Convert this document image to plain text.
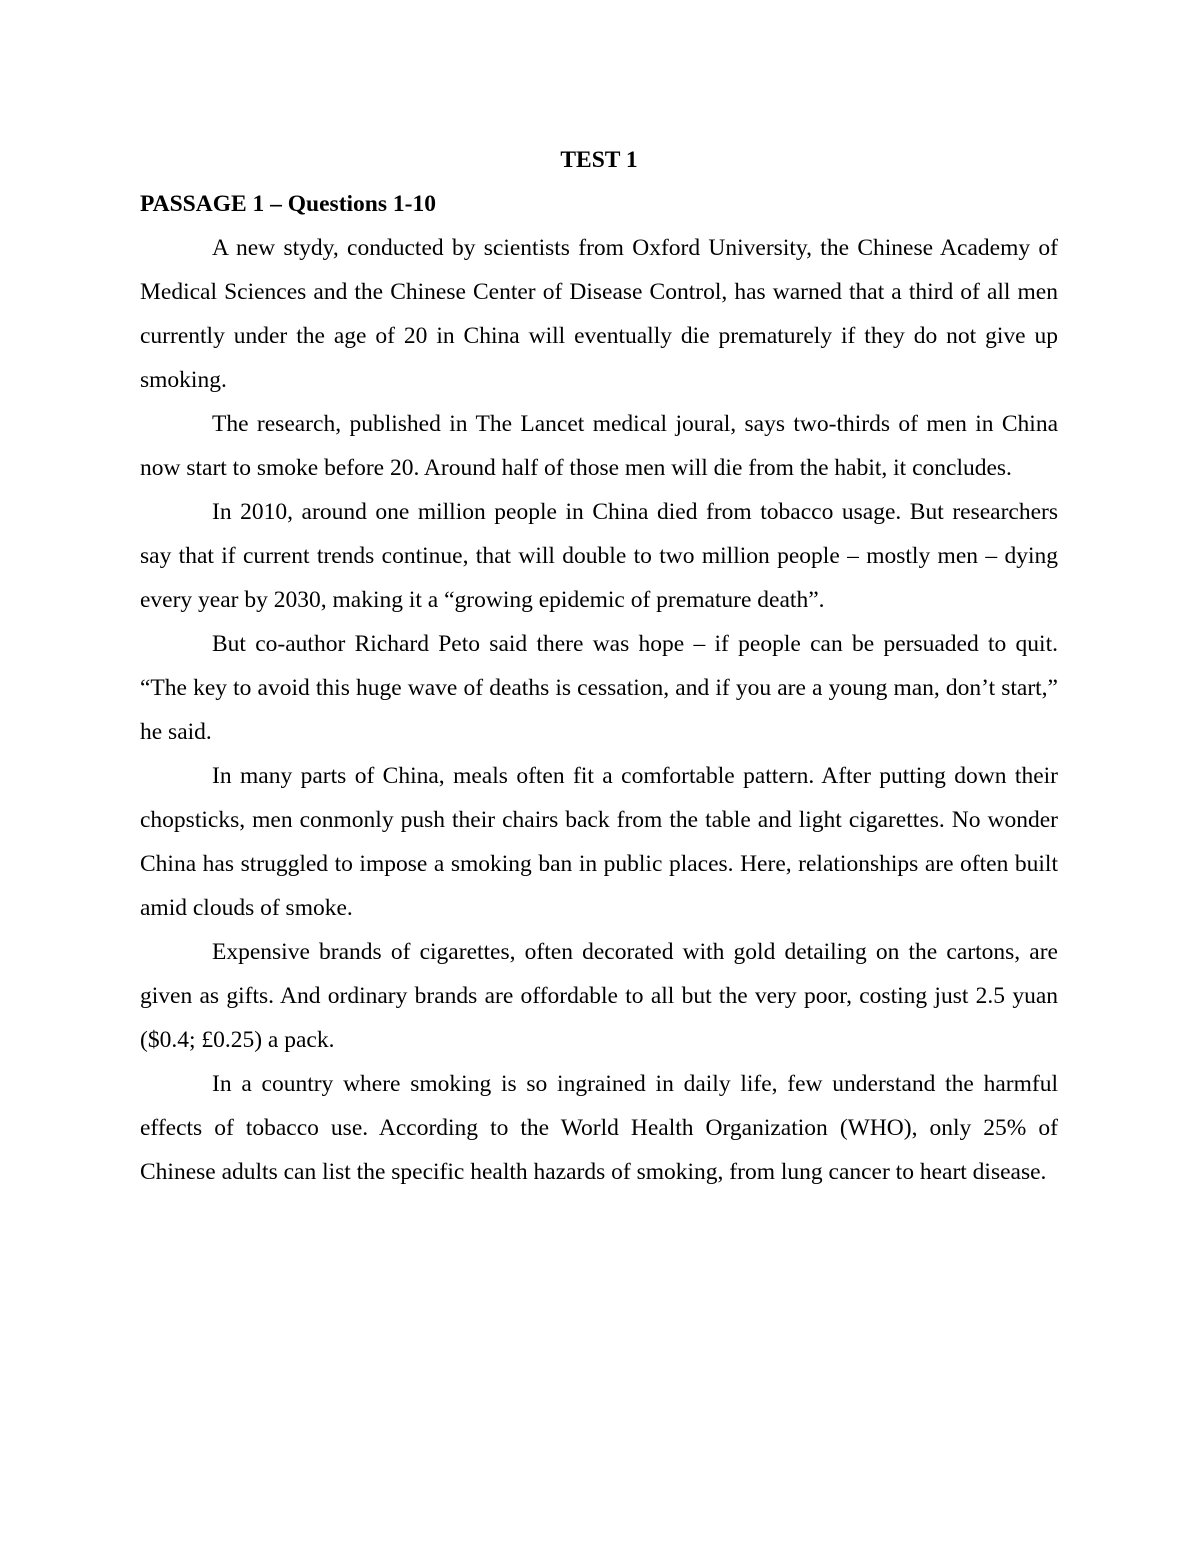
TEST 1

PASSAGE 1 – Questions 1-10

A new stydy, conducted by scientists from Oxford University, the Chinese Academy of Medical Sciences and the Chinese Center of Disease Control, has warned that a third of all men currently under the age of 20 in China will eventually die prematurely if they do not give up smoking.

The research, published in The Lancet medical joural, says two-thirds of men in China now start to smoke before 20. Around half of those men will die from the habit, it concludes.

In 2010, around one million people in China died from tobacco usage. But researchers say that if current trends continue, that will double to two million people – mostly men – dying every year by 2030, making it a “growing epidemic of premature death”.

But co-author Richard Peto said there was hope – if people can be persuaded to quit. “The key to avoid this huge wave of deaths is cessation, and if you are a young man, don’t start,” he said.

In many parts of China, meals often fit a comfortable pattern. After putting down their chopsticks, men conmonly push their chairs back from the table and light cigarettes. No wonder China has struggled to impose a smoking ban in public places. Here, relationships are often built amid clouds of smoke.

Expensive brands of cigarettes, often decorated with gold detailing on the cartons, are given as gifts. And ordinary brands are offordable to all but the very poor, costing just 2.5 yuan ($0.4; £0.25) a pack.

In a country where smoking is so ingrained in daily life, few understand the harmful effects of tobacco use. According to the World Health Organization (WHO), only 25% of Chinese adults can list the specific health hazards of smoking, from lung cancer to heart disease.
